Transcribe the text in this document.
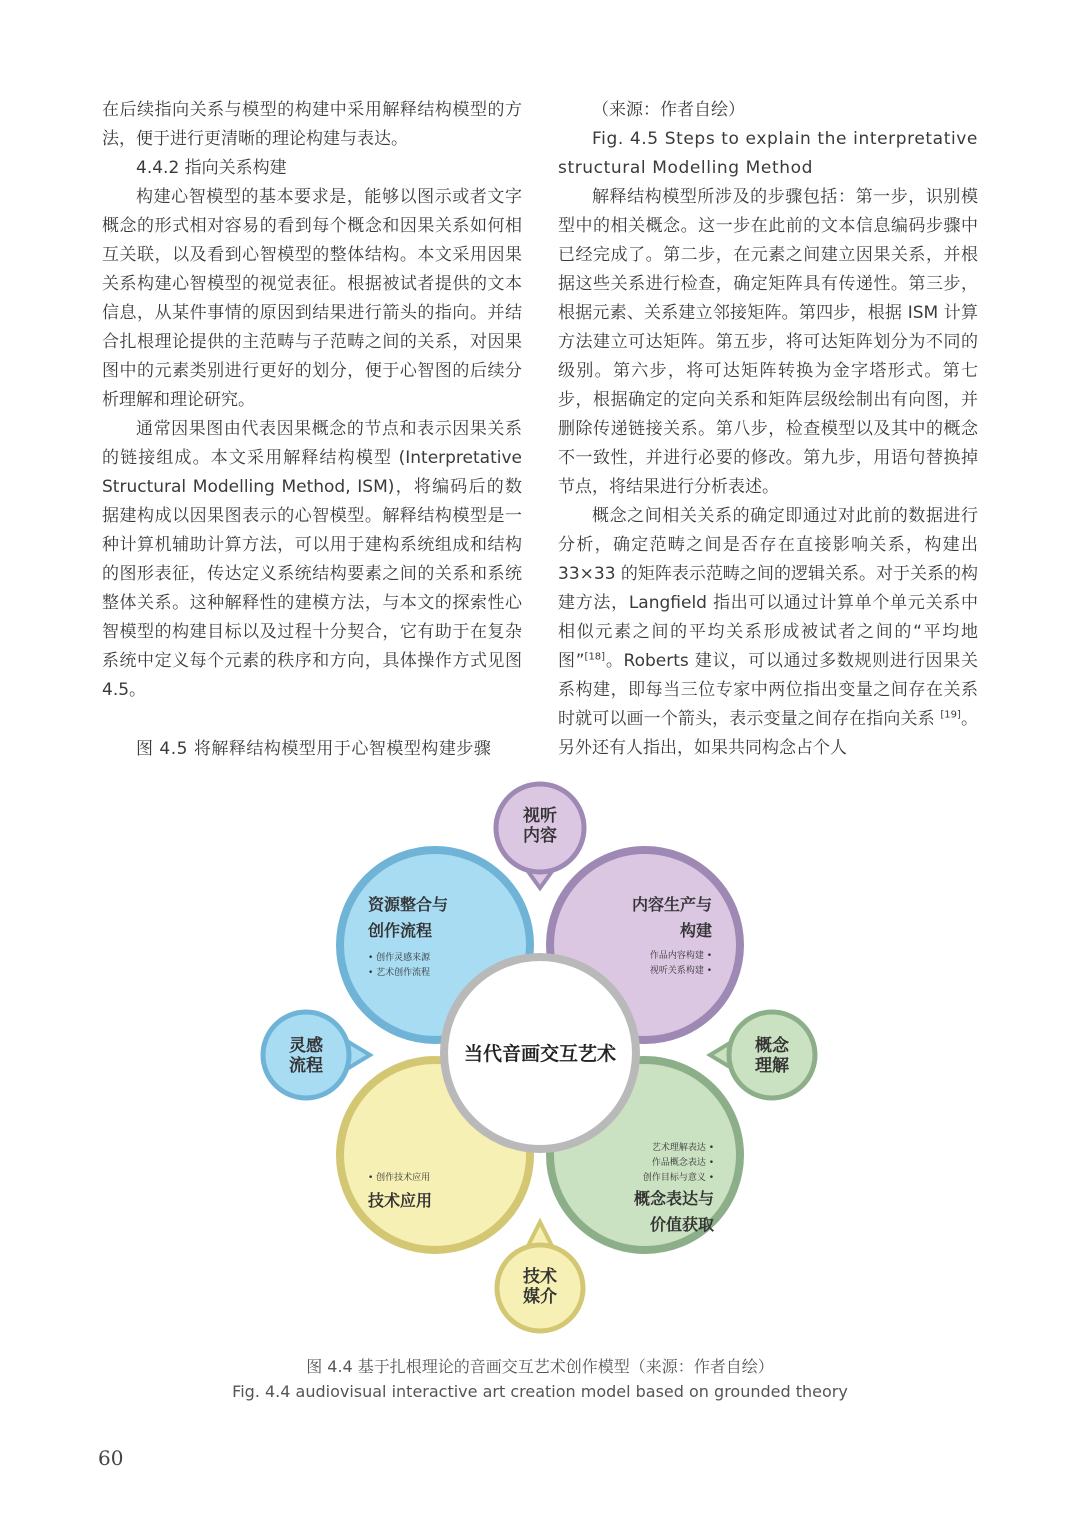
在后续指向关系与模型的构建中采用解释结构模型的方法，便于进行更清晰的理论构建与表达。

4.4.2 指向关系构建

构建心智模型的基本要求是，能够以图示或者文字概念的形式相对容易的看到每个概念和因果关系如何相互关联，以及看到心智模型的整体结构。本文采用因果关系构建心智模型的视觉表征。根据被试者提供的文本信息，从某件事情的原因到结果进行箭头的指向。并结合扎根理论提供的主范畴与子范畴之间的关系，对因果图中的元素类别进行更好的划分，便于心智图的后续分析理解和理论研究。

通常因果图由代表因果概念的节点和表示因果关系的链接组成。本文采用解释结构模型 (Interpretative Structural Modelling Method, ISM)，将编码后的数据建构成以因果图表示的心智模型。解释结构模型是一种计算机辅助计算方法，可以用于建构系统组成和结构的图形表征，传达定义系统结构要素之间的关系和系统整体关系。这种解释性的建模方法，与本文的探索性心智模型的构建目标以及过程十分契合，它有助于在复杂系统中定义每个元素的秩序和方向，具体操作方式见图 4.5。

图 4.5 将解释结构模型用于心智模型构建步骤

（来源：作者自绘）

Fig. 4.5 Steps to explain the interpretative structural Modelling Method

解释结构模型所涉及的步骤包括：第一步，识别模型中的相关概念。这一步在此前的文本信息编码步骤中已经完成了。第二步，在元素之间建立因果关系，并根据这些关系进行检查，确定矩阵具有传递性。第三步，根据元素、关系建立邻接矩阵。第四步，根据 ISM 计算方法建立可达矩阵。第五步，将可达矩阵划分为不同的级别。第六步，将可达矩阵转换为金字塔形式。第七步，根据确定的定向关系和矩阵层级绘制出有向图，并删除传递链接关系。第八步，检查模型以及其中的概念不一致性，并进行必要的修改。第九步，用语句替换掉节点，将结果进行分析表述。

概念之间相关关系的确定即通过对此前的数据进行分析，确定范畴之间是否存在直接影响关系，构建出 33×33 的矩阵表示范畴之间的逻辑关系。对于关系的构建方法，Langfield 指出可以通过计算单个单元关系中相似元素之间的平均关系形成被试者之间的“平均地图”[18]。Roberts 建议，可以通过多数规则进行因果关系构建，即每当三位专家中两位指出变量之间存在关系时就可以画一个箭头，表示变量之间存在指向关系 [19]。另外还有人指出，如果共同构念占个人

视听
内容
灵感
流程
概念
理解
技术
媒介
资源整合与
创作流程
• 创作灵感来源
• 艺术创作流程
内容生产与
构建
作品内容构建 •
视听关系构建 •
• 创作技术应用
技术应用
艺术理解表达 •
作品概念表达 •
创作目标与意义 •
概念表达与
价值获取
当代音画交互艺术
图 4.4 基于扎根理论的音画交互艺术创作模型（来源：作者自绘）
Fig. 4.4 audiovisual interactive art creation model based on grounded theory
60
